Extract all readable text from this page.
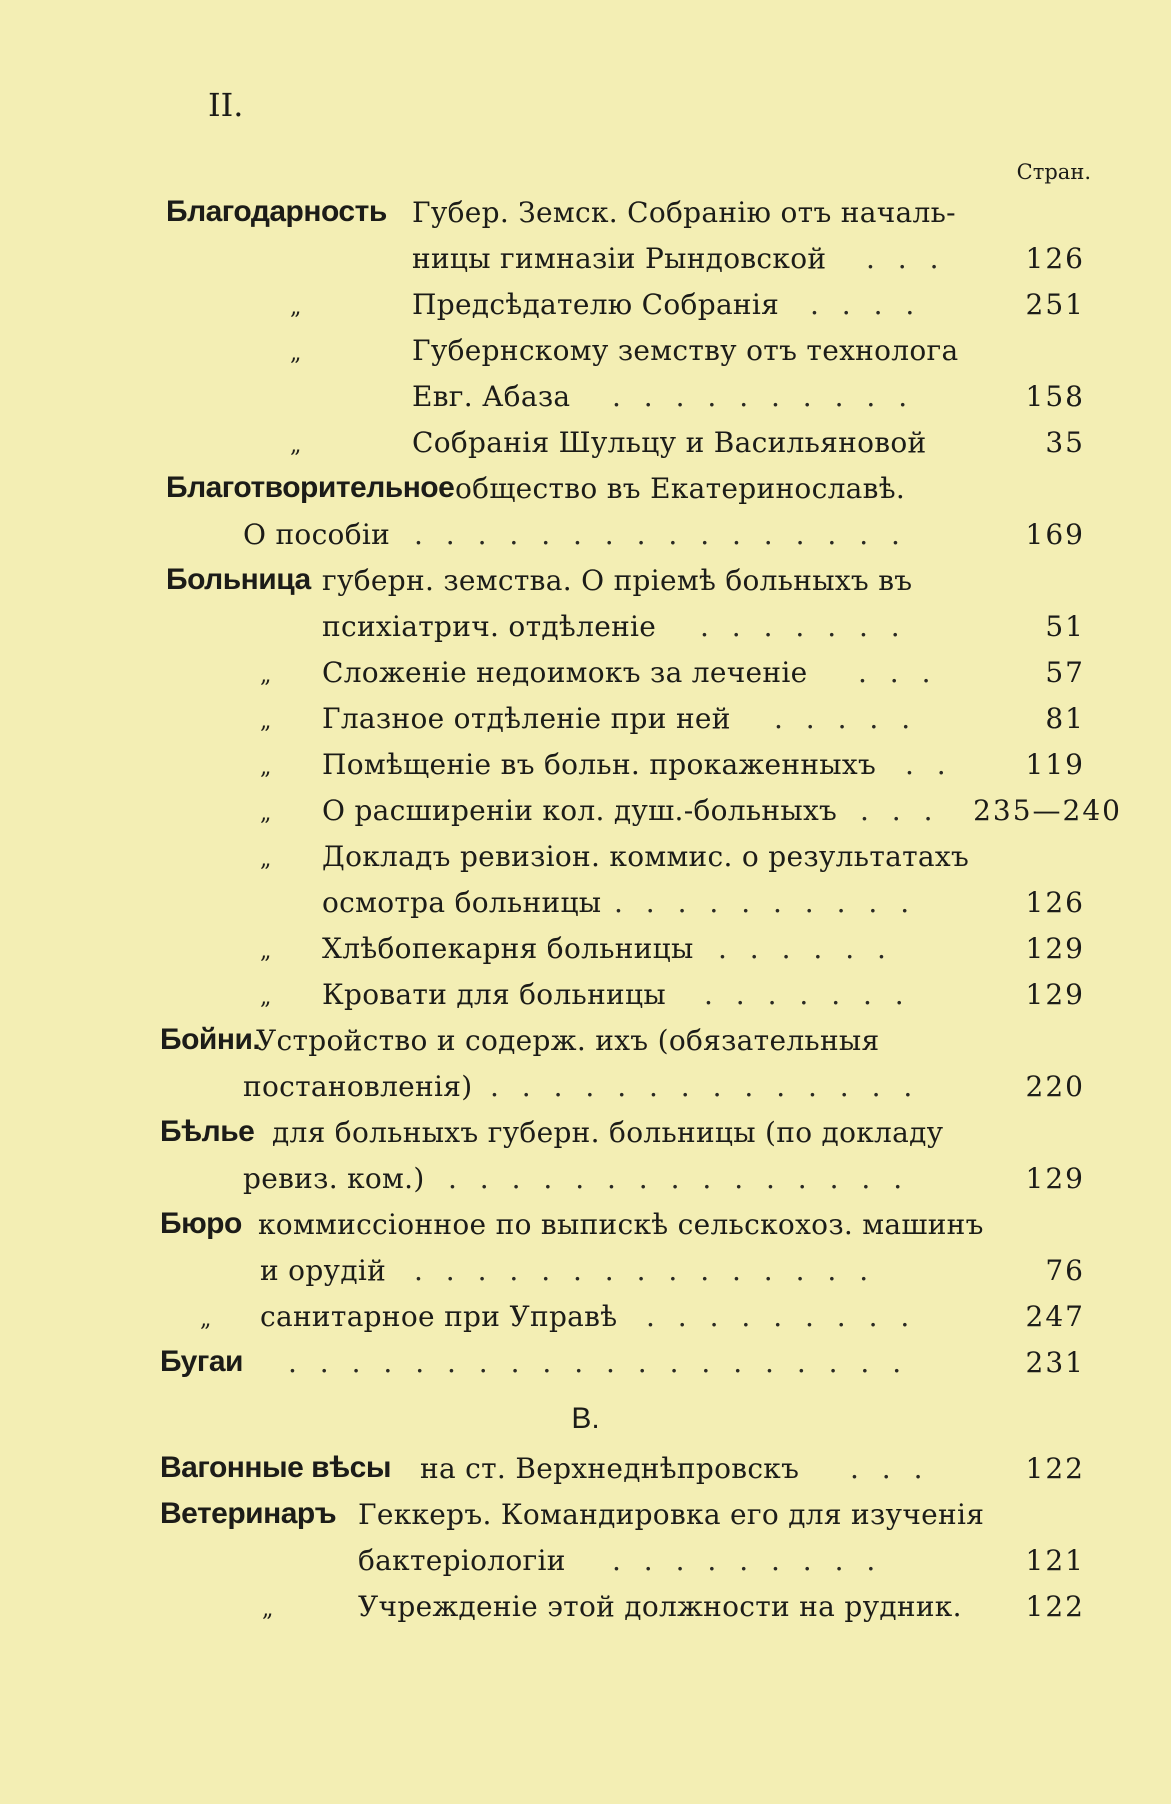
II.
Стран.
Благодарность Губер. Земск. Собранію отъ началь-
ницы гимназіи Рындовской . . .	126
„	Предсѣдателю Собранія . . . .	251
„	Губернскому земству отъ технолога
Евг. Абаза . . . . . . . . . .	158
„	Собранія Шульцу и Васильяновой	35
Благотворительное общество въ Екатеринославѣ.
О пособіи . . . . . . . . . . . . . . . .	169
Больница губерн. земства. О пріемѣ больныхъ въ
психіатрич. отдѣленіе . . . . . . .	51
„ Сложеніе недоимокъ за леченіе . . .	57
„ Глазное отдѣленіе при ней . . . . .	81
„ Помѣщеніе въ больн. прокаженныхъ . .	119
„ О расширеніи кол. душ.-больныхъ . . . 235—240
„ Докладъ ревизіон. коммис. о результатахъ
осмотра больницы . . . . . . . . . .	126
„ Хлѣбопекарня больницы . . . . . .	129
„ Кровати для больницы . . . . . . .	129
Бойни.
Устройство и содерж. ихъ (обязательныя
постановленія) . . . . . . . . . . . . . .	220
Бѣлье для больныхъ губерн. больницы (по докладу
ревиз. ком.) . . . . . . . . . . . . . . .	129
Бюро коммиссіонное по выпискѣ сельскохоз. машинъ
и орудій . . . . . . . . . . . . . . .	76
„ санитарное при Управѣ . . . . . . . . .	247
Бугаи . . . . . . . . . . . . . . . . . . . .	231
В.
Вагонные вѣсы на ст. Верхнеднѣпровскъ . . .	122
Ветеринаръ Геккеръ. Командировка его для изученія
бактеріологіи . . . . . . . . .	121
„	Учрежденіе этой должности на рудник. 122
